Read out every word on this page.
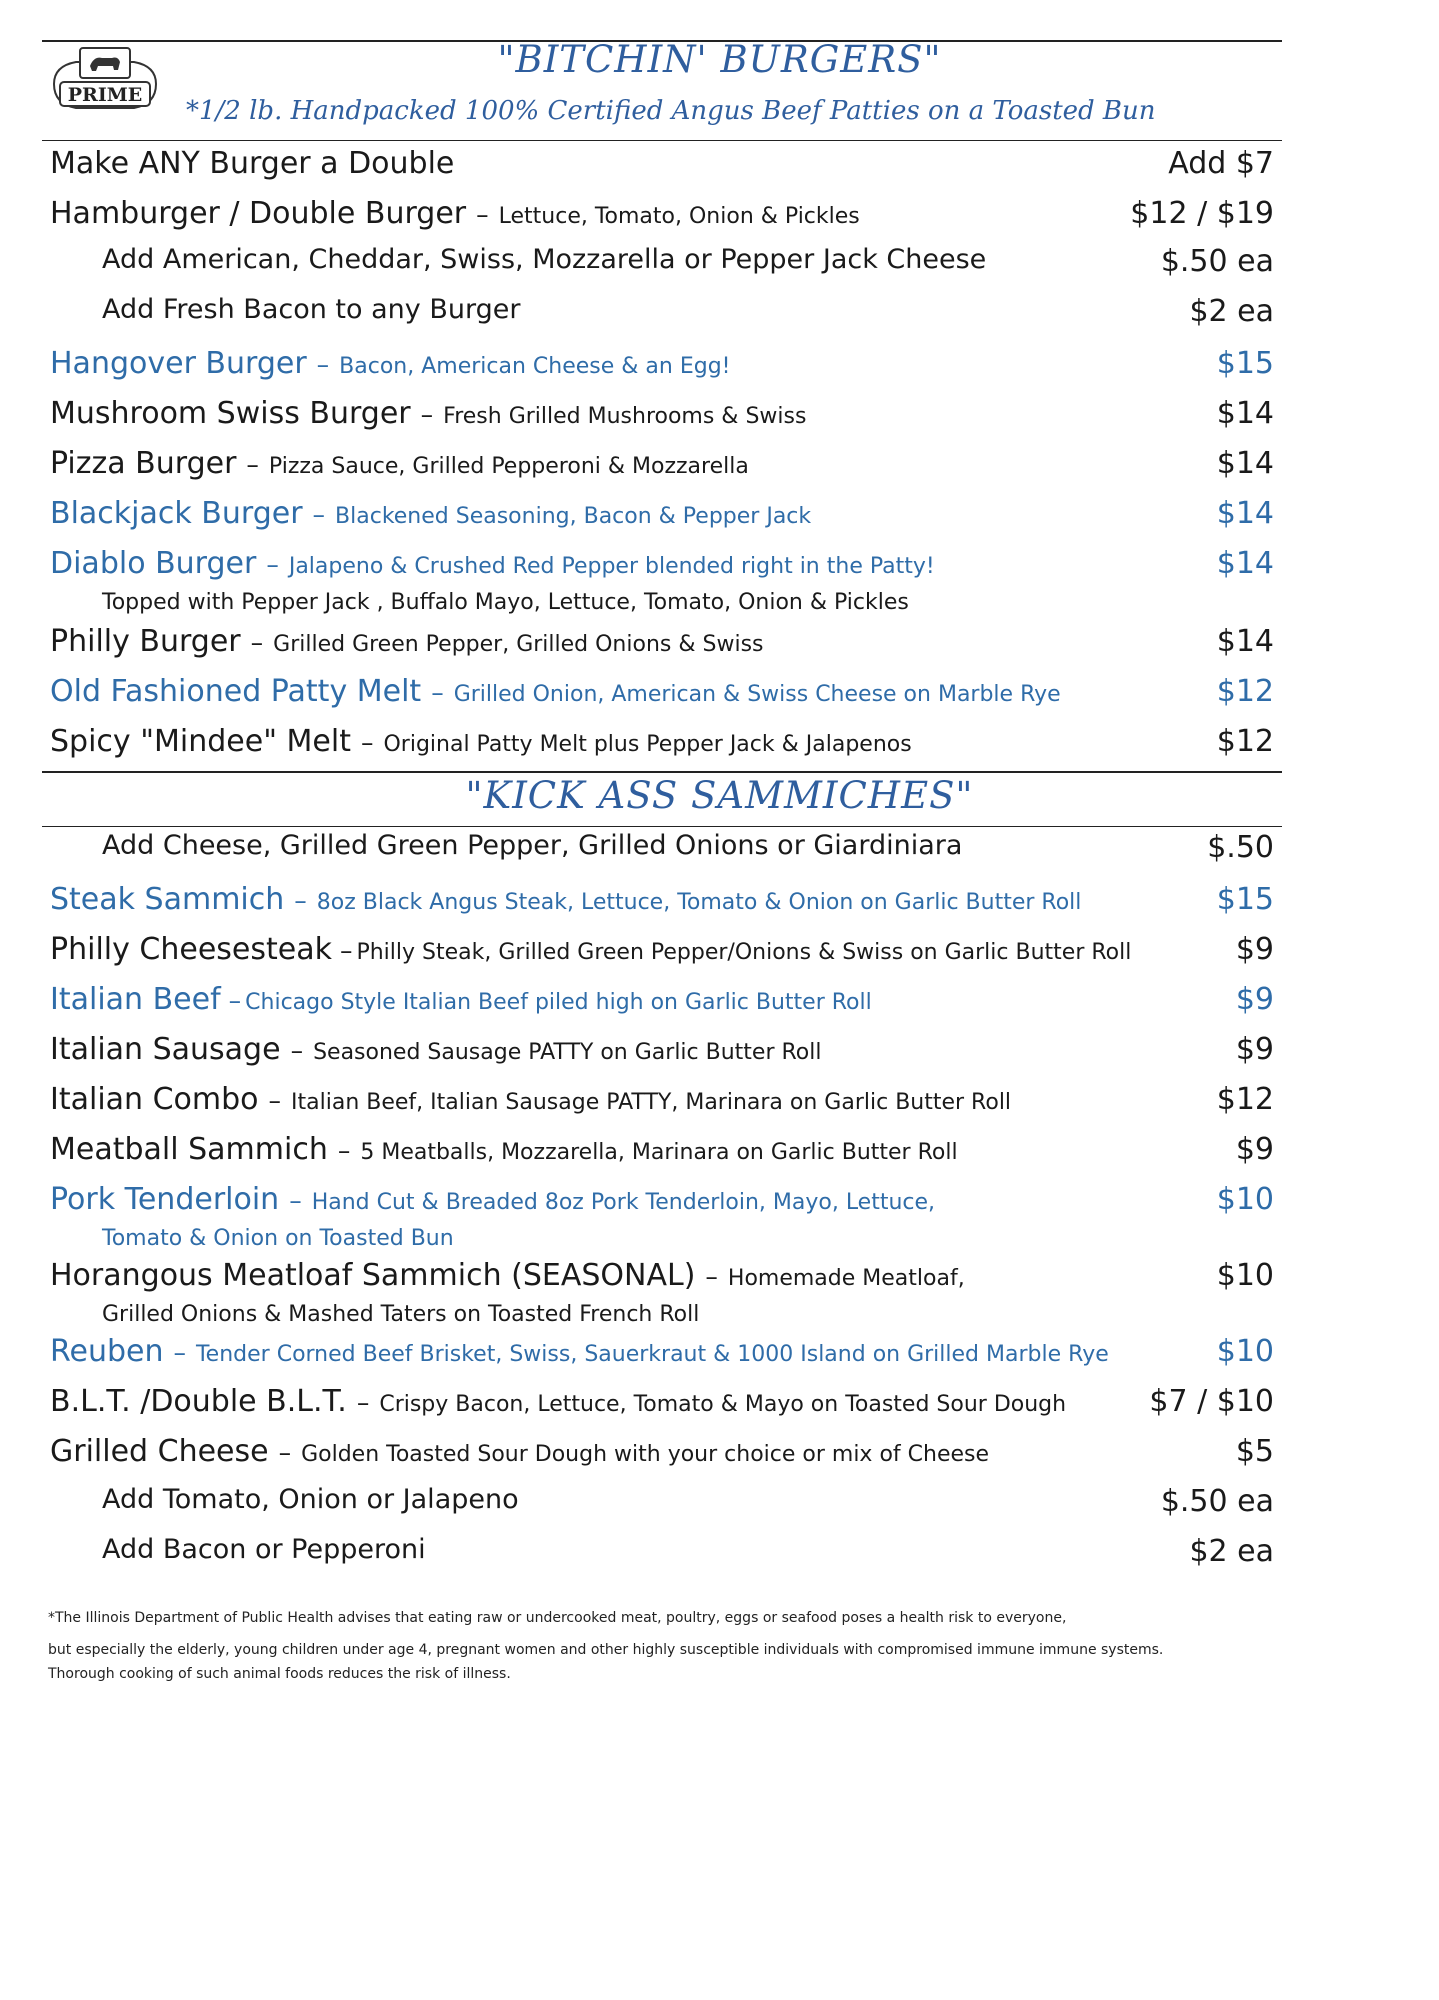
PRIME
"BITCHIN' BURGERS"
*1/2 lb. Handpacked 100% Certified Angus Beef Patties on a Toasted Bun
Make ANY Burger a Double	Add $7
Hamburger / Double Burger – Lettuce, Tomato, Onion & Pickles	$12 / $19
Add American, Cheddar, Swiss, Mozzarella or Pepper Jack Cheese	$.50 ea
Add Fresh Bacon to any Burger	$2 ea
Hangover Burger – Bacon, American Cheese & an Egg!	$15
Mushroom Swiss Burger – Fresh Grilled Mushrooms & Swiss	$14
Pizza Burger – Pizza Sauce, Grilled Pepperoni & Mozzarella	$14
Blackjack Burger – Blackened Seasoning, Bacon & Pepper Jack	$14
Diablo Burger – Jalapeno & Crushed Red Pepper blended right in the Patty!	$14
Topped with Pepper Jack , Buffalo Mayo, Lettuce, Tomato, Onion & Pickles
Philly Burger – Grilled Green Pepper, Grilled Onions & Swiss	$14
Old Fashioned Patty Melt – Grilled Onion, American & Swiss Cheese on Marble Rye	$12
Spicy "Mindee" Melt – Original Patty Melt plus Pepper Jack & Jalapenos	$12
"KICK ASS SAMMICHES"
Add Cheese, Grilled Green Pepper, Grilled Onions or Giardiniara	$.50
Steak Sammich – 8oz Black Angus Steak, Lettuce, Tomato & Onion on Garlic Butter Roll	$15
Philly Cheesesteak – Philly Steak, Grilled Green Pepper/Onions & Swiss on Garlic Butter Roll	$9
Italian Beef – Chicago Style Italian Beef piled high on Garlic Butter Roll	$9
Italian Sausage – Seasoned Sausage PATTY on Garlic Butter Roll	$9
Italian Combo – Italian Beef, Italian Sausage PATTY, Marinara on Garlic Butter Roll	$12
Meatball Sammich – 5 Meatballs, Mozzarella, Marinara on Garlic Butter Roll	$9
Pork Tenderloin – Hand Cut & Breaded 8oz Pork Tenderloin, Mayo, Lettuce,	$10
Tomato & Onion on Toasted Bun
Horangous Meatloaf Sammich (SEASONAL) – Homemade Meatloaf,	$10
Grilled Onions & Mashed Taters on Toasted French Roll
Reuben – Tender Corned Beef Brisket, Swiss, Sauerkraut & 1000 Island on Grilled Marble Rye	$10
B.L.T. /Double B.L.T. – Crispy Bacon, Lettuce, Tomato & Mayo on Toasted Sour Dough	$7 / $10
Grilled Cheese – Golden Toasted Sour Dough with your choice or mix of Cheese	$5
Add Tomato, Onion or Jalapeno	$.50 ea
Add Bacon or Pepperoni	$2 ea
*The Illinois Department of Public Health advises that eating raw or undercooked meat, poultry, eggs or seafood poses a health risk to everyone,
but especially the elderly, young children under age 4, pregnant women and other highly susceptible individuals with compromised immune immune systems.
Thorough cooking of such animal foods reduces the risk of illness.
